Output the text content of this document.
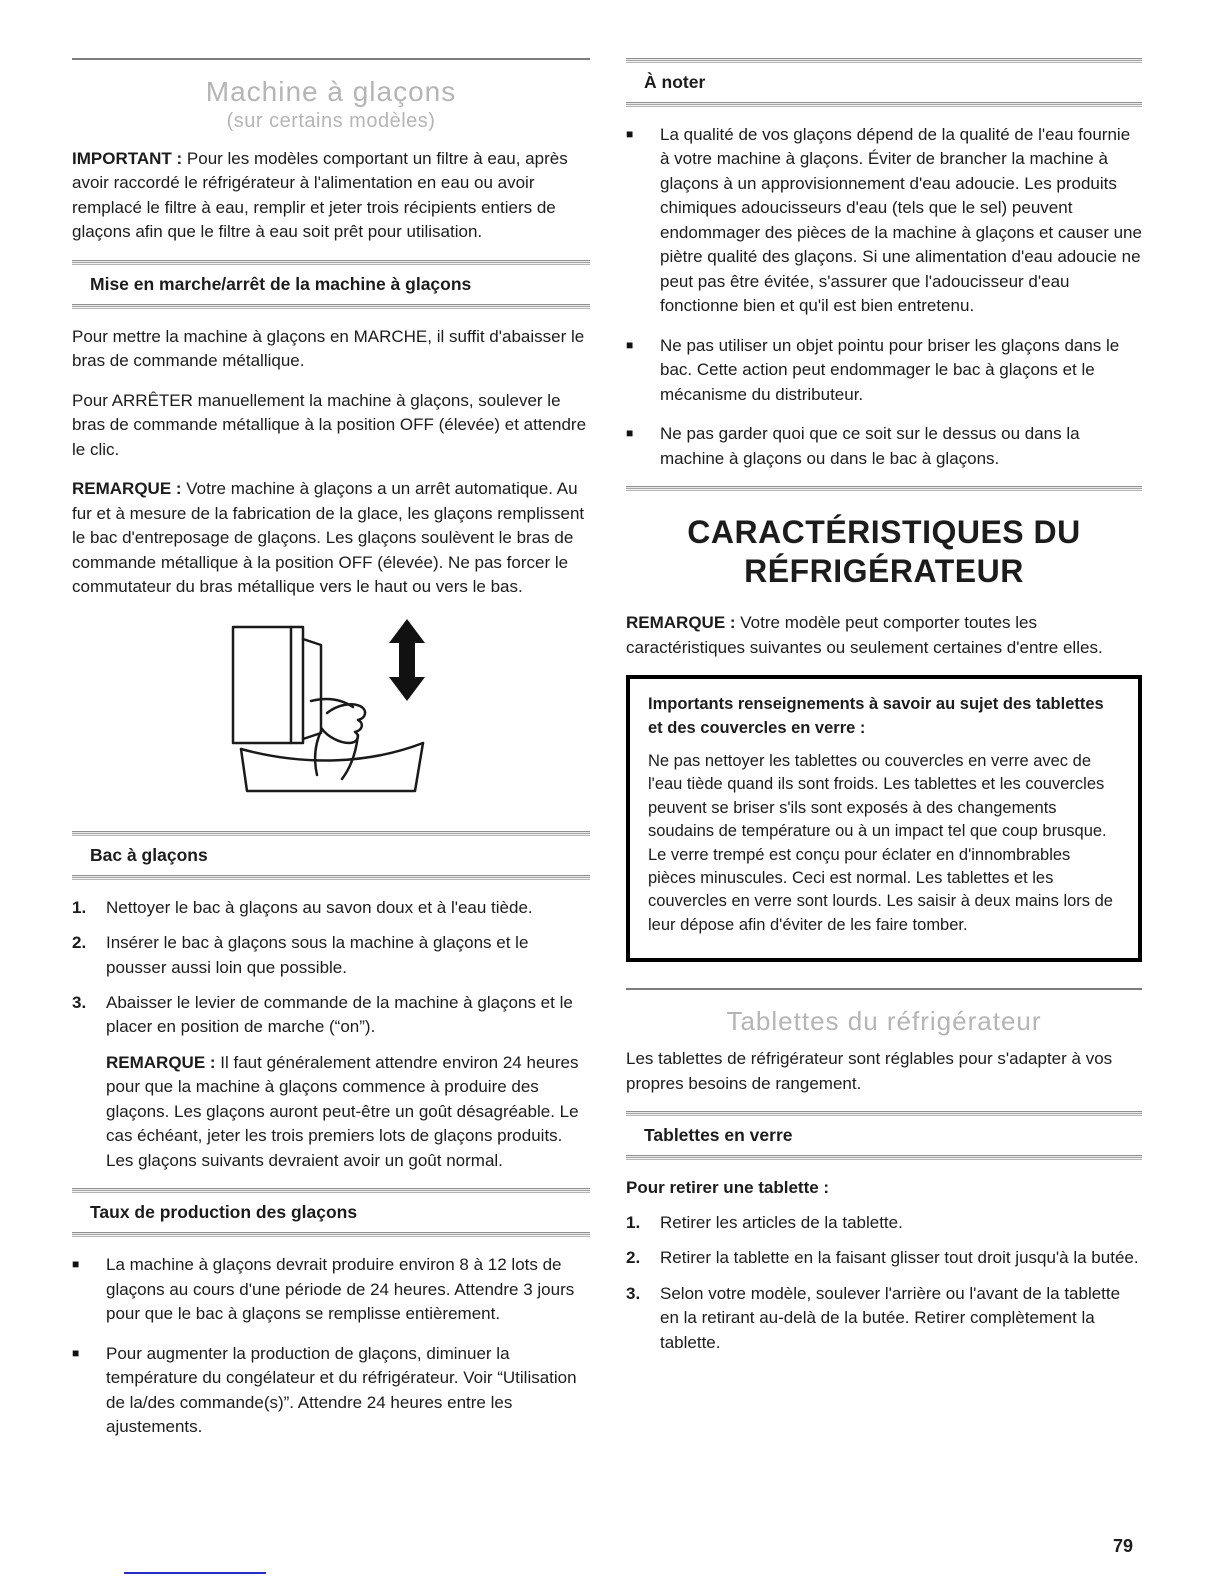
Machine à glaçons
(sur certains modèles)

IMPORTANT : Pour les modèles comportant un filtre à eau, après avoir raccordé le réfrigérateur à l'alimentation en eau ou avoir remplacé le filtre à eau, remplir et jeter trois récipients entiers de glaçons afin que le filtre à eau soit prêt pour utilisation.

Mise en marche/arrêt de la machine à glaçons

Pour mettre la machine à glaçons en MARCHE, il suffit d'abaisser le bras de commande métallique.

Pour ARRÊTER manuellement la machine à glaçons, soulever le bras de commande métallique à la position OFF (élevée) et attendre le clic.

REMARQUE : Votre machine à glaçons a un arrêt automatique. Au fur et à mesure de la fabrication de la glace, les glaçons remplissent le bac d'entreposage de glaçons. Les glaçons soulèvent le bras de commande métallique à la position OFF (élevée). Ne pas forcer le commutateur du bras métallique vers le haut ou vers le bas.

Bac à glaçons
1.	Nettoyer le bac à glaçons au savon doux et à l'eau tiède.
2.	Insérer le bac à glaçons sous la machine à glaçons et le pousser aussi loin que possible.
3.	Abaisser le levier de commande de la machine à glaçons et le placer en position de marche (“on”).

REMARQUE : Il faut généralement attendre environ 24 heures pour que la machine à glaçons commence à produire des glaçons. Les glaçons auront peut-être un goût désagréable. Le cas échéant, jeter les trois premiers lots de glaçons produits. Les glaçons suivants devraient avoir un goût normal.

Taux de production des glaçons
■	La machine à glaçons devrait produire environ 8 à 12 lots de glaçons au cours d'une période de 24 heures. Attendre 3 jours pour que le bac à glaçons se remplisse entièrement.
■	Pour augmenter la production de glaçons, diminuer la température du congélateur et du réfrigérateur. Voir “Utilisation de la/des commande(s)”. Attendre 24 heures entre les ajustements.
À noter
■	La qualité de vos glaçons dépend de la qualité de l'eau fournie à votre machine à glaçons. Éviter de brancher la machine à glaçons à un approvisionnement d'eau adoucie. Les produits chimiques adoucisseurs d'eau (tels que le sel) peuvent endommager des pièces de la machine à glaçons et causer une piètre qualité des glaçons. Si une alimentation d'eau adoucie ne peut pas être évitée, s'assurer que l'adoucisseur d'eau fonctionne bien et qu'il est bien entretenu.
■	Ne pas utiliser un objet pointu pour briser les glaçons dans le bac. Cette action peut endommager le bac à glaçons et le mécanisme du distributeur.
■	Ne pas garder quoi que ce soit sur le dessus ou dans la machine à glaçons ou dans le bac à glaçons.
CARACTÉRISTIQUES DU RÉFRIGÉRATEUR

REMARQUE : Votre modèle peut comporter toutes les caractéristiques suivantes ou seulement certaines d'entre elles.

Importants renseignements à savoir au sujet des tablettes et des couvercles en verre :

Ne pas nettoyer les tablettes ou couvercles en verre avec de l'eau tiède quand ils sont froids. Les tablettes et les couvercles peuvent se briser s'ils sont exposés à des changements soudains de température ou à un impact tel que coup brusque. Le verre trempé est conçu pour éclater en d'innombrables pièces minuscules. Ceci est normal. Les tablettes et les couvercles en verre sont lourds. Les saisir à deux mains lors de leur dépose afin d'éviter de les faire tomber.

Tablettes du réfrigérateur

Les tablettes de réfrigérateur sont réglables pour s'adapter à vos propres besoins de rangement.

Tablettes en verre

Pour retirer une tablette :

1.	Retirer les articles de la tablette.
2.	Retirer la tablette en la faisant glisser tout droit jusqu'à la butée.
3.	Selon votre modèle, soulever l'arrière ou l'avant de la tablette en la retirant au-delà de la butée. Retirer complètement la tablette.
79
